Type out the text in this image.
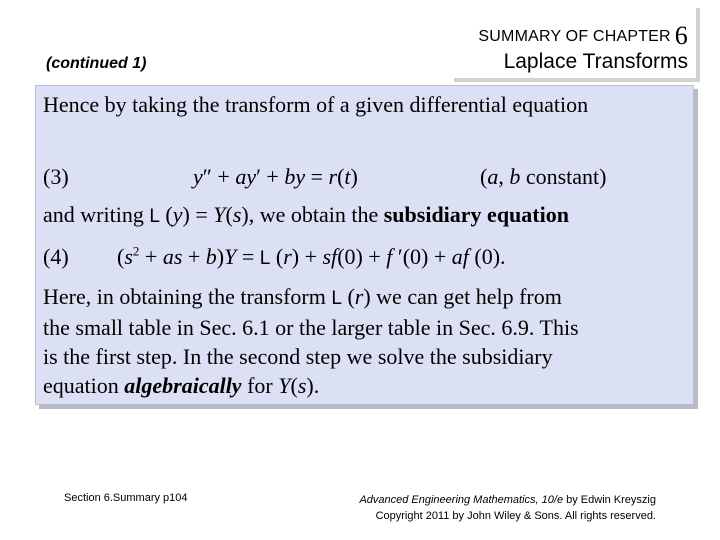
SUMMARY OF CHAPTER 6
Laplace Transforms
(continued 1)
Hence by taking the transform of a given differential equation
(3)	y″ + ay′ + by = r(t)	(a, b constant)
and writing L (y) = Y(s), we obtain the subsidiary equation
(4) ($s^2$ + as + b)Y = L (r) + sf(0) + f ′(0) + af (0).

Here, in obtaining the transform L (r) we can get help from

the small table in Sec. 6.1 or the larger table in Sec. 6.9. This

is the first step. In the second step we solve the subsidiary

equation algebraically for Y(s).

Section 6.Summary p104	Advanced Engineering Mathematics, 10/e by Edwin Kreyszig
Copyright 2011 by John Wiley & Sons. All rights reserved.
